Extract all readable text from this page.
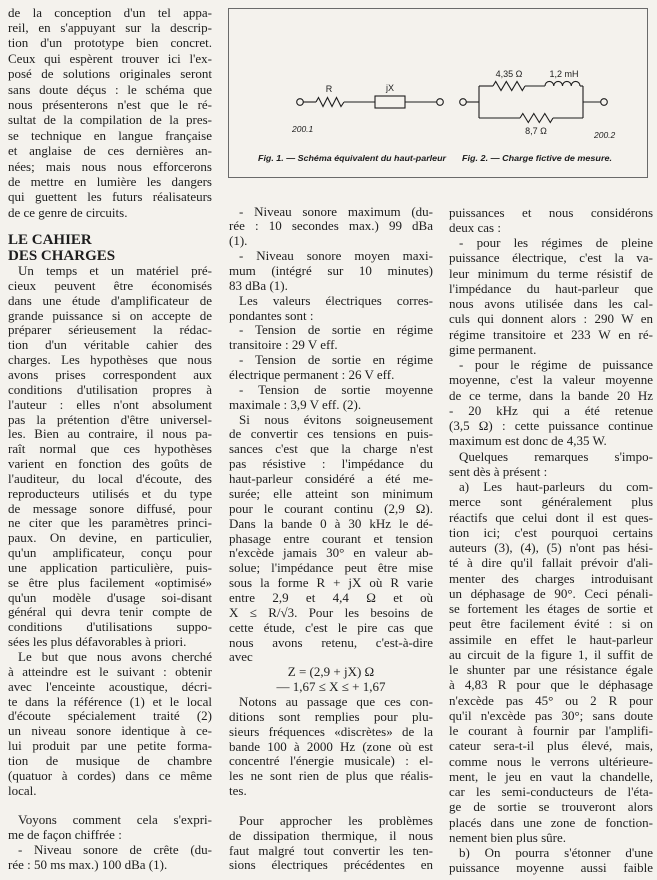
R	jX
200.1
Fig. 1. — Schéma équivalent du haut-parleur
4,35 Ω	1,2 mH
8,7 Ω	200.2
Fig. 2. — Charge fictive de mesure.
de la conception d'un tel appa-
reil, en s'appuyant sur la descrip-
tion d'un prototype bien concret.
Ceux qui espèrent trouver ici l'ex-
posé de solutions originales seront
sans doute déçus : le schéma que
nous présenterons n'est que le ré-
sultat de la compilation de la pres-
se technique en langue française
et anglaise de ces dernières an-
nées; mais nous nous efforcerons
de mettre en lumière les dangers
qui guettent les futurs réalisateurs
de ce genre de circuits.
LE CAHIER
DES CHARGES
Un temps et un matériel pré-
cieux peuvent être économisés
dans une étude d'amplificateur de
grande puissance si on accepte de
préparer sérieusement la rédac-
tion d'un véritable cahier des
charges. Les hypothèses que nous
avons prises correspondent aux
conditions d'utilisation propres à
l'auteur : elles n'ont absolument
pas la prétention d'être universel-
les. Bien au contraire, il nous pa-
raît normal que ces hypothèses
varient en fonction des goûts de
l'auditeur, du local d'écoute, des
reproducteurs utilisés et du type
de message sonore diffusé, pour
ne citer que les paramètres princi-
paux. On devine, en particulier,
qu'un amplificateur, conçu pour
une application particulière, puis-
se être plus facilement «optimisé»
qu'un modèle d'usage soi-disant
général qui devra tenir compte de
conditions d'utilisations suppo-
sées les plus défavorables à priori.
Le but que nous avons cherché
à atteindre est le suivant : obtenir
avec l'enceinte acoustique, décri-
te dans la référence (1) et le local
d'écoute spécialement traité (2)
un niveau sonore identique à ce-
lui produit par une petite forma-
tion de musique de chambre
(quatuor à cordes) dans ce même
local.
Voyons comment cela s'expri-
me de façon chiffrée :
- Niveau sonore de crête (du-
rée : 50 ms max.) 100 dBa (1).
- Niveau sonore maximum (du-
rée : 10 secondes max.) 99 dBa
(1).
- Niveau sonore moyen maxi-
mum (intégré sur 10 minutes)
83 dBa (1).
Les valeurs électriques corres-
pondantes sont :
- Tension de sortie en régime
transitoire : 29 V eff.
- Tension de sortie en régime
électrique permanent : 26 V eff.
- Tension de sortie moyenne
maximale : 3,9 V eff. (2).
Si nous évitons soigneusement
de convertir ces tensions en puis-
sances c'est que la charge n'est
pas résistive : l'impédance du
haut-parleur considéré a été me-
surée; elle atteint son minimum
pour le courant continu (2,9 Ω).
Dans la bande 0 à 30 kHz le dé-
phasage entre courant et tension
n'excède jamais 30° en valeur ab-
solue; l'impédance peut être mise
sous la forme R + jX où R varie
entre 2,9 et 4,4 Ω et où
X ≤ R/√3. Pour les besoins de
cette étude, c'est le pire cas que
nous avons retenu, c'est-à-dire
avec
Z = (2,9 + jX) Ω
— 1,67 ≤ X ≤ + 1,67
Notons au passage que ces con-
ditions sont remplies pour plu-
sieurs fréquences «discrètes» de la
bande 100 à 2000 Hz (zone où est
concentré l'énergie musicale) : el-
les ne sont rien de plus que réalis-
tes.
Pour approcher les problèmes
de dissipation thermique, il nous
faut malgré tout convertir les ten-
sions électriques précédentes en
puissances et nous considérons
deux cas :
- pour les régimes de pleine
puissance électrique, c'est la va-
leur minimum du terme résistif de
l'impédance du haut-parleur que
nous avons utilisée dans les cal-
culs qui donnent alors : 290 W en
régime transitoire et 233 W en ré-
gime permanent.
- pour le régime de puissance
moyenne, c'est la valeur moyenne
de ce terme, dans la bande 20 Hz
- 20 kHz qui a été retenue
(3,5 Ω) : cette puissance continue
maximum est donc de 4,35 W.
Quelques remarques s'impo-
sent dès à présent :
a) Les haut-parleurs du com-
merce sont généralement plus
réactifs que celui dont il est ques-
tion ici; c'est pourquoi certains
auteurs (3), (4), (5) n'ont pas hési-
té à dire qu'il fallait prévoir d'ali-
menter des charges introduisant
un déphasage de 90°. Ceci pénali-
se fortement les étages de sortie et
peut être facilement évité : si on
assimile en effet le haut-parleur
au circuit de la figure 1, il suffit de
le shunter par une résistance égale
à 4,83 R pour que le déphasage
n'excède pas 45° ou 2 R pour
qu'il n'excède pas 30°; sans doute
le courant à fournir par l'amplifi-
cateur sera-t-il plus élevé, mais,
comme nous le verrons ultérieure-
ment, le jeu en vaut la chandelle,
car les semi-conducteurs de l'éta-
ge de sortie se trouveront alors
placés dans une zone de fonction-
nement bien plus sûre.
b) On pourra s'étonner d'une
puissance moyenne aussi faible
